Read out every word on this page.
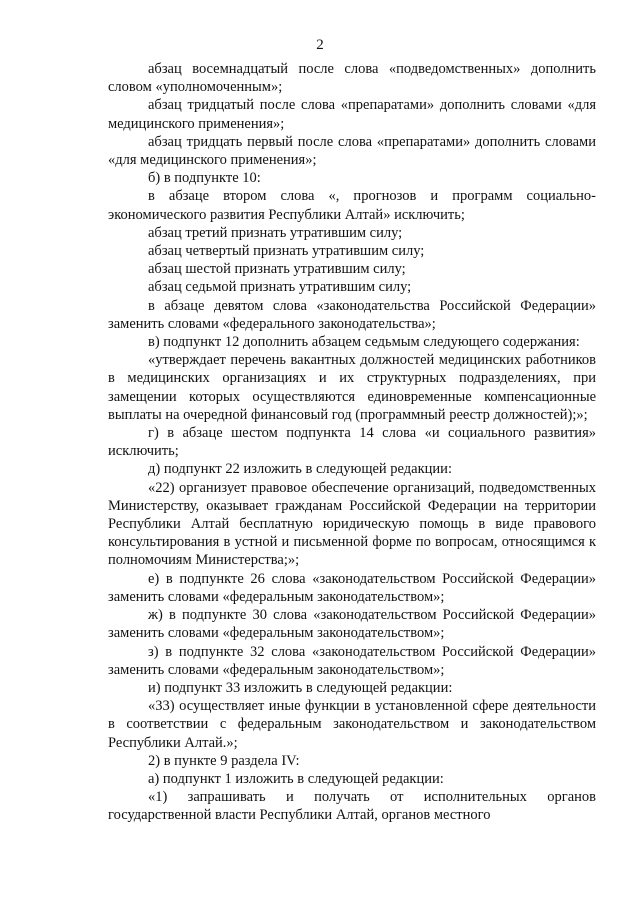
2

абзац восемнадцатый после слова «подведомственных» дополнить словом «уполномоченным»;

абзац тридцатый после слова «препаратами» дополнить словами «для медицинского применения»;

абзац тридцать первый после слова «препаратами» дополнить словами «для медицинского применения»;

б) в подпункте 10:

в абзаце втором слова «, прогнозов и программ социально-экономического развития Республики Алтай» исключить;

абзац третий признать утратившим силу;

абзац четвертый признать утратившим силу;

абзац шестой признать утратившим силу;

абзац седьмой признать утратившим силу;

в абзаце девятом слова «законодательства Российской Федерации» заменить словами «федерального законодательства»;

в) подпункт 12 дополнить абзацем седьмым следующего содержания:

«утверждает перечень вакантных должностей медицинских работников в медицинских организациях и их структурных подразделениях, при замещении которых осуществляются единовременные компенсационные выплаты на очередной финансовый год (программный реестр должностей);»;

г) в абзаце шестом подпункта 14 слова «и социального развития» исключить;

д) подпункт 22 изложить в следующей редакции:

«22) организует правовое обеспечение организаций, подведомственных Министерству, оказывает гражданам Российской Федерации на территории Республики Алтай бесплатную юридическую помощь в виде правового консультирования в устной и письменной форме по вопросам, относящимся к полномочиям Министерства;»;

е) в подпункте 26 слова «законодательством Российской Федерации» заменить словами «федеральным законодательством»;

ж) в подпункте 30 слова «законодательством Российской Федерации» заменить словами «федеральным законодательством»;

з) в подпункте 32 слова «законодательством Российской Федерации» заменить словами «федеральным законодательством»;

и) подпункт 33 изложить в следующей редакции:

«33) осуществляет иные функции в установленной сфере деятельности в соответствии с федеральным законодательством и законодательством Республики Алтай.»;

2) в пункте 9 раздела IV:

а) подпункт 1 изложить в следующей редакции:

«1) запрашивать и получать от исполнительных органов государственной власти Республики Алтай, органов местного
